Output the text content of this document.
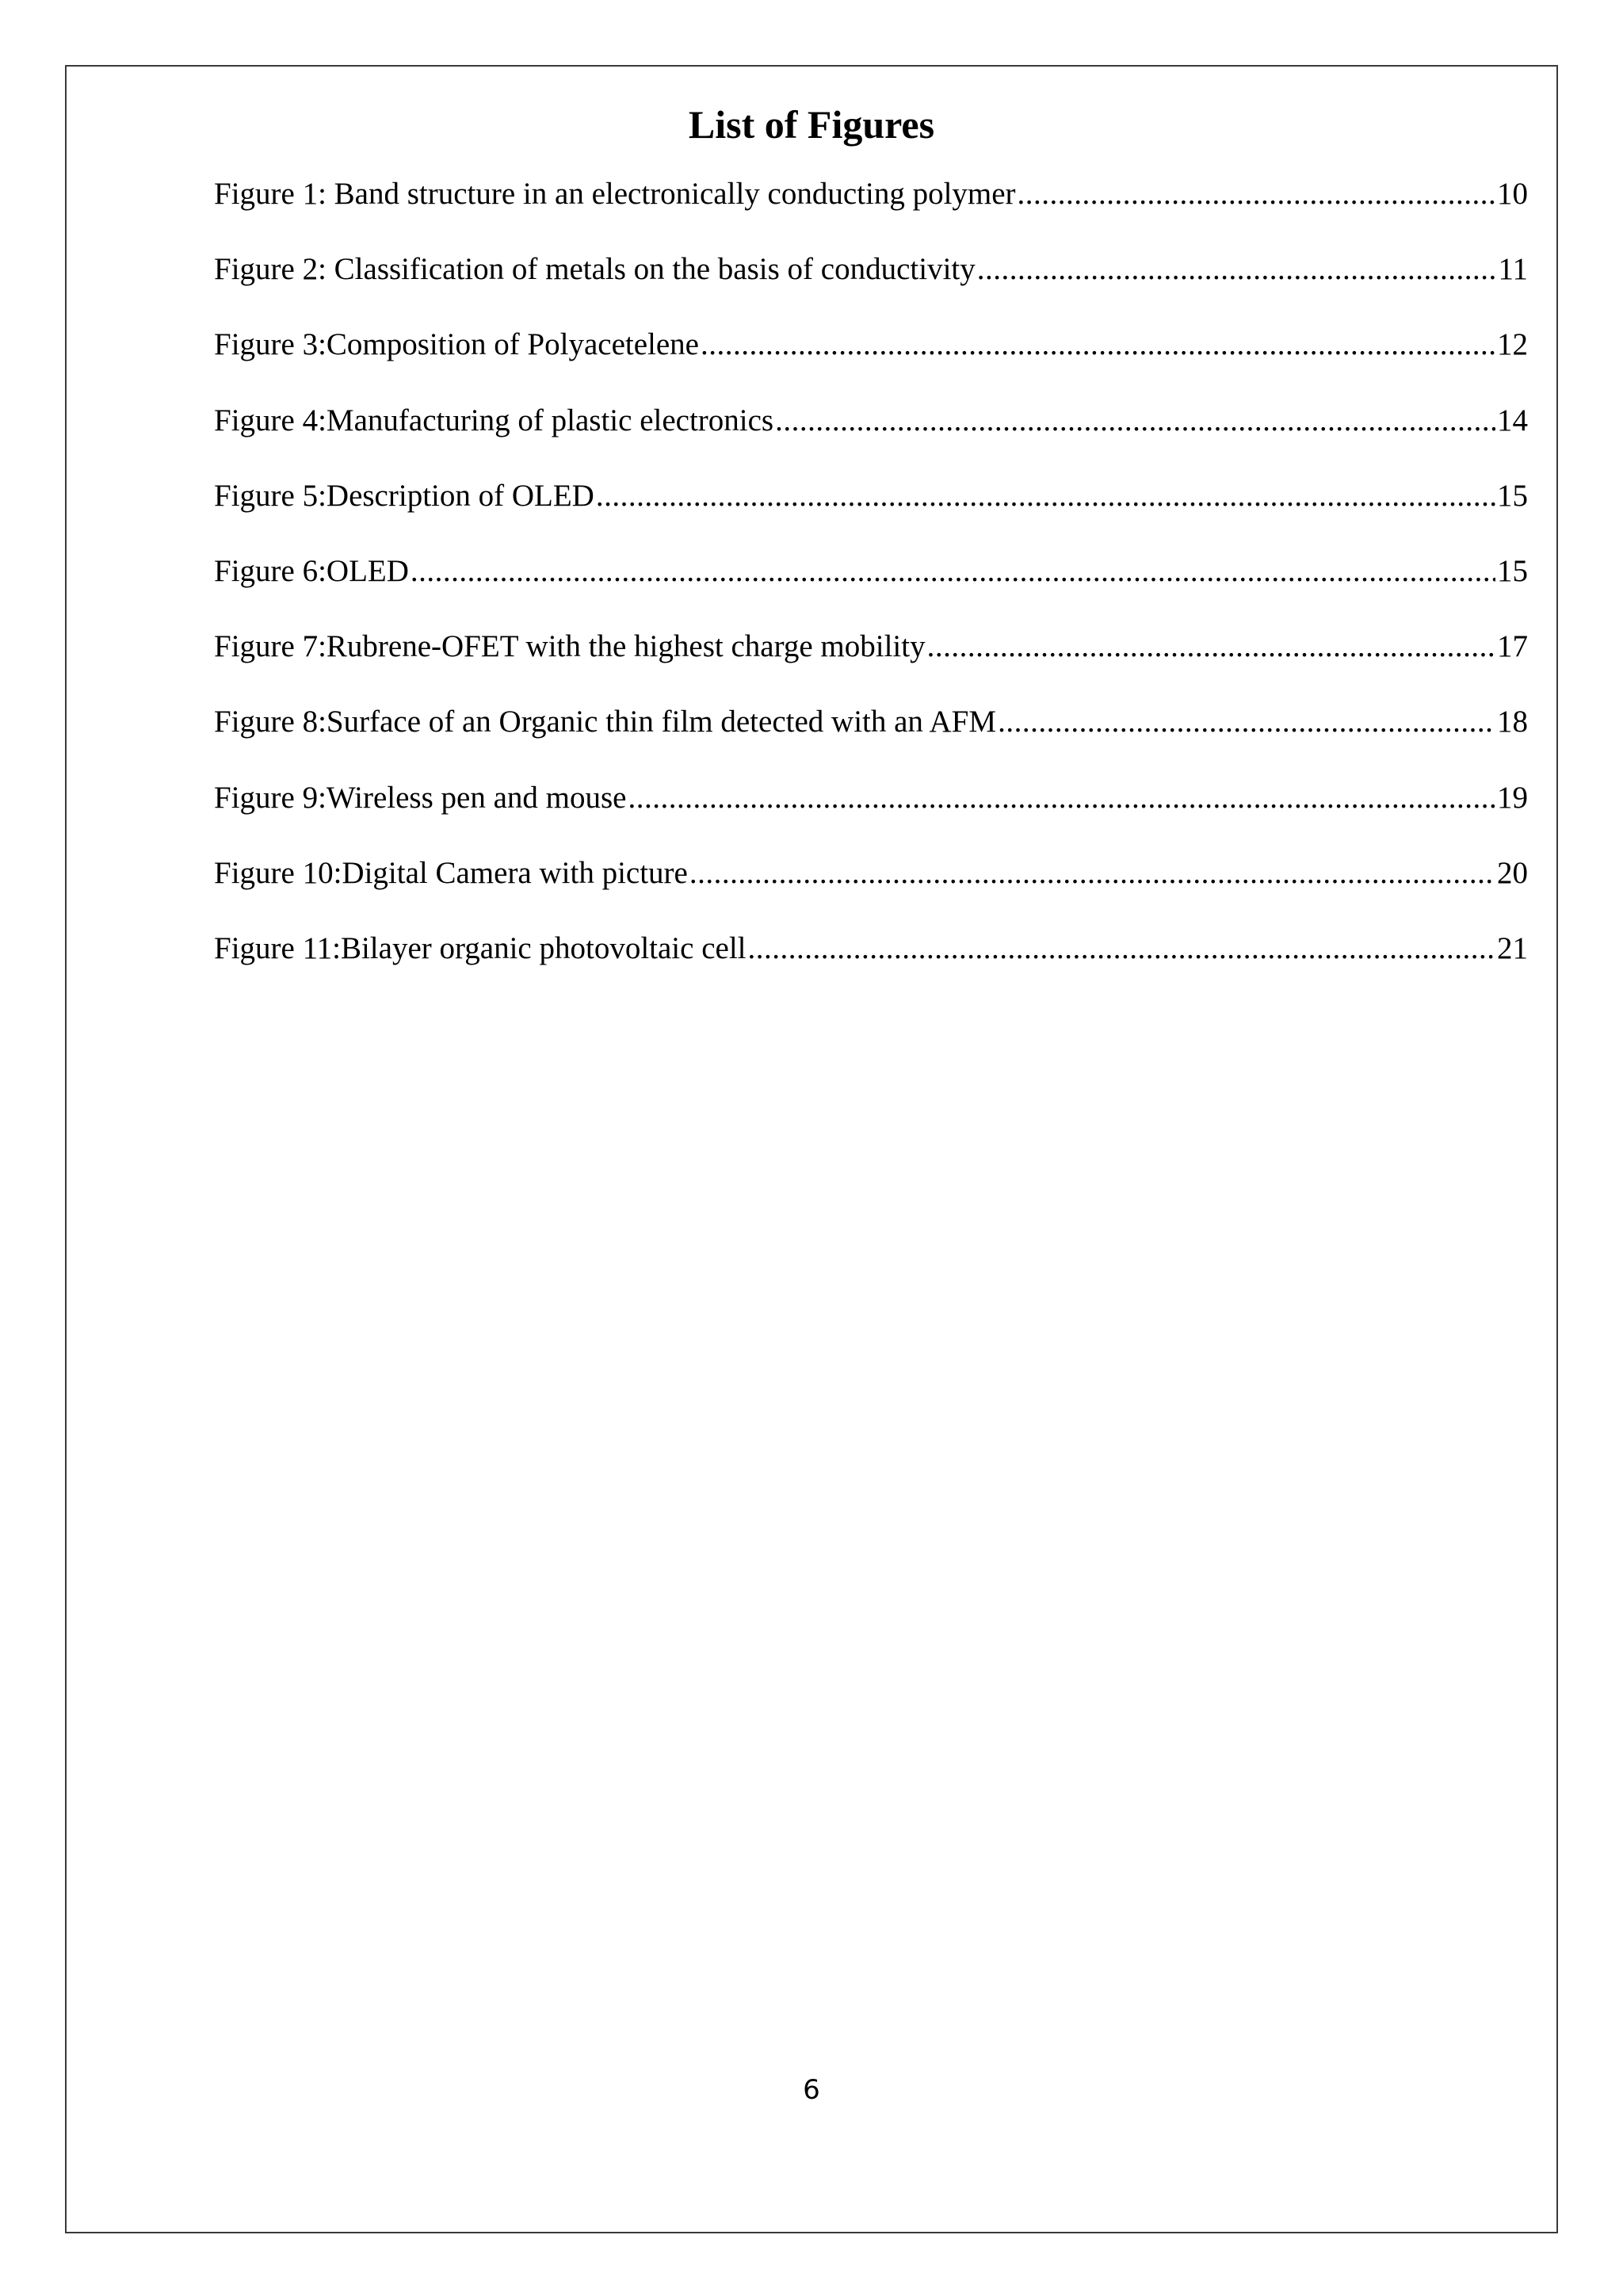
List of Figures
Figure 1: Band structure in an electronically conducting polymer .....	10
Figure 2: Classification of metals on the basis of conductivity .....	11
Figure 3:Composition of Polyacetelene .....	12
Figure 4:Manufacturing of plastic electronics .....	14
Figure 5:Description of OLED .....	15
Figure 6:OLED .....	15
Figure 7:Rubrene-OFET with the highest charge mobility .....	17
Figure 8:Surface of an Organic thin film detected with an AFM .....	18
Figure 9:Wireless pen and mouse .....	19
Figure 10:Digital Camera with picture .....	20
Figure 11:Bilayer organic photovoltaic cell .....	21
6
